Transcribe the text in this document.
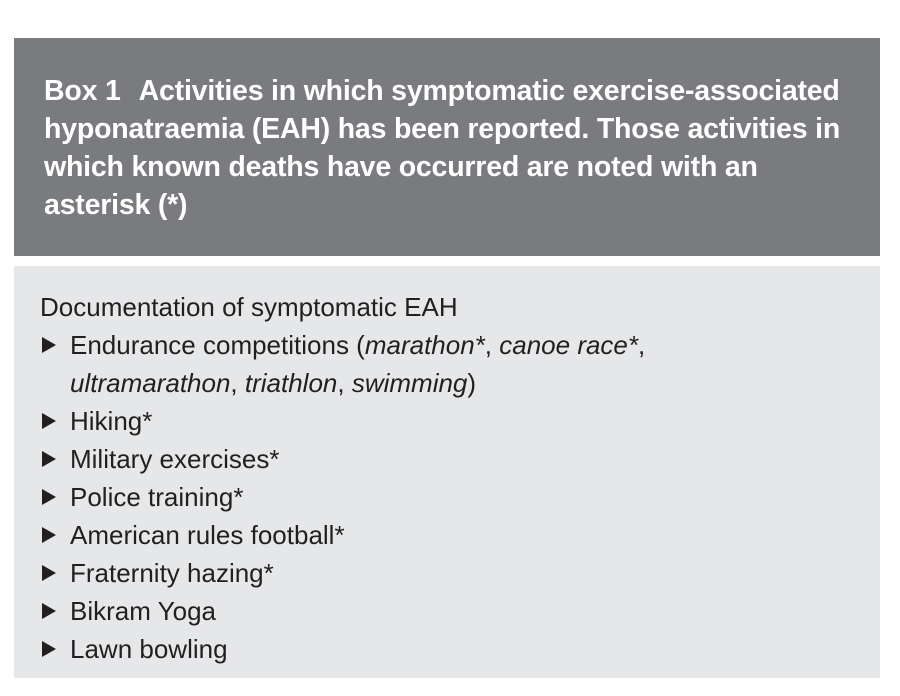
Box 1 Activities in which symptomatic exercise-associated hyponatraemia (EAH) has been reported. Those activities in which known deaths have occurred are noted with an asterisk (*)

Documentation of symptomatic EAH

Endurance competitions (marathon*, canoe race*,
ultramarathon, triathlon, swimming)
Hiking*
Military exercises*
Police training*
American rules football*
Fraternity hazing*
Bikram Yoga
Lawn bowling
